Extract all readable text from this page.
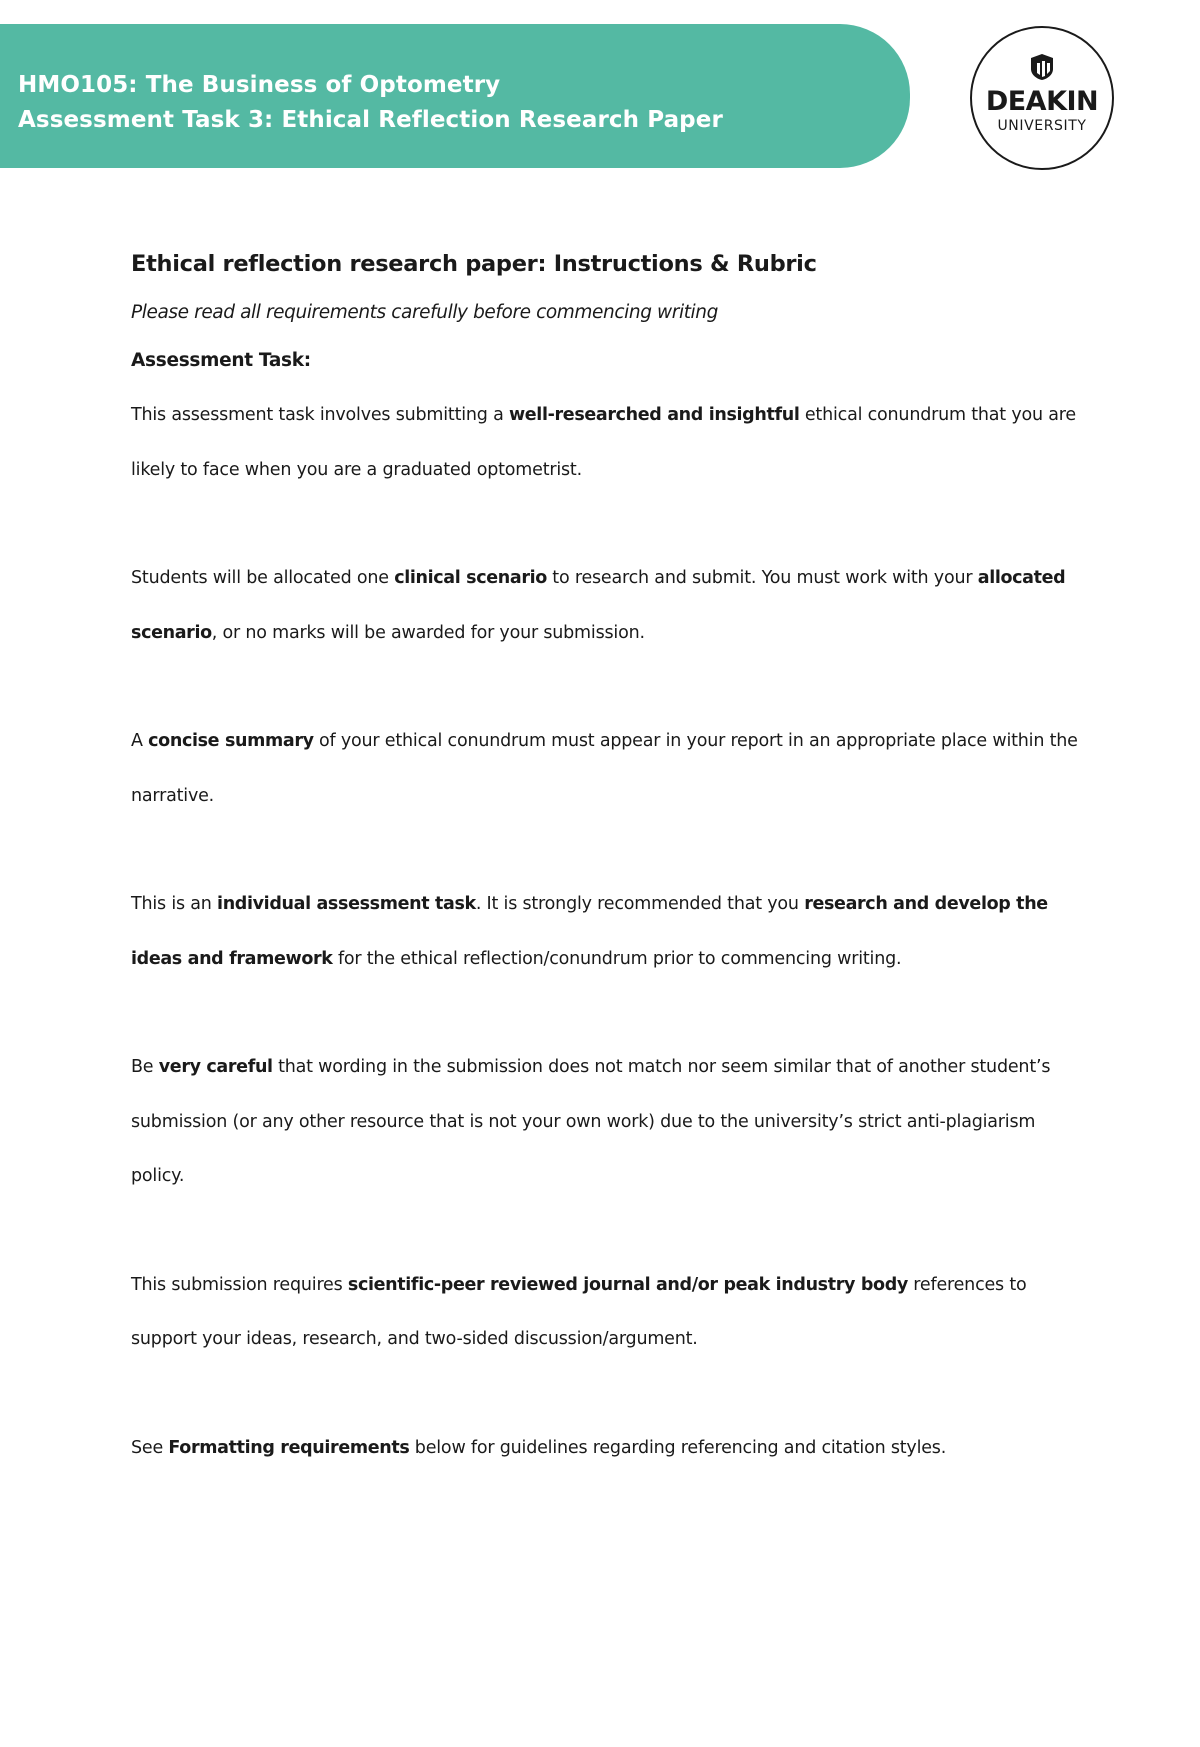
HMO105: The Business of Optometry
Assessment Task 3: Ethical Reflection Research Paper
DEAKIN
UNIVERSITY
Ethical reflection research paper: Instructions & Rubric

Please read all requirements carefully before commencing writing

Assessment Task:

This assessment task involves submitting a well-researched and insightful ethical conundrum that you are likely to face when you are a graduated optometrist.

Students will be allocated one clinical scenario to research and submit. You must work with your allocated scenario, or no marks will be awarded for your submission.

A concise summary of your ethical conundrum must appear in your report in an appropriate place within the narrative.

This is an individual assessment task. It is strongly recommended that you research and develop the ideas and framework for the ethical reflection/conundrum prior to commencing writing.

Be very careful that wording in the submission does not match nor seem similar that of another student’s submission (or any other resource that is not your own work) due to the university’s strict anti-plagiarism policy.

This submission requires scientific-peer reviewed journal and/or peak industry body references to support your ideas, research, and two-sided discussion/argument.

See Formatting requirements below for guidelines regarding referencing and citation styles.
